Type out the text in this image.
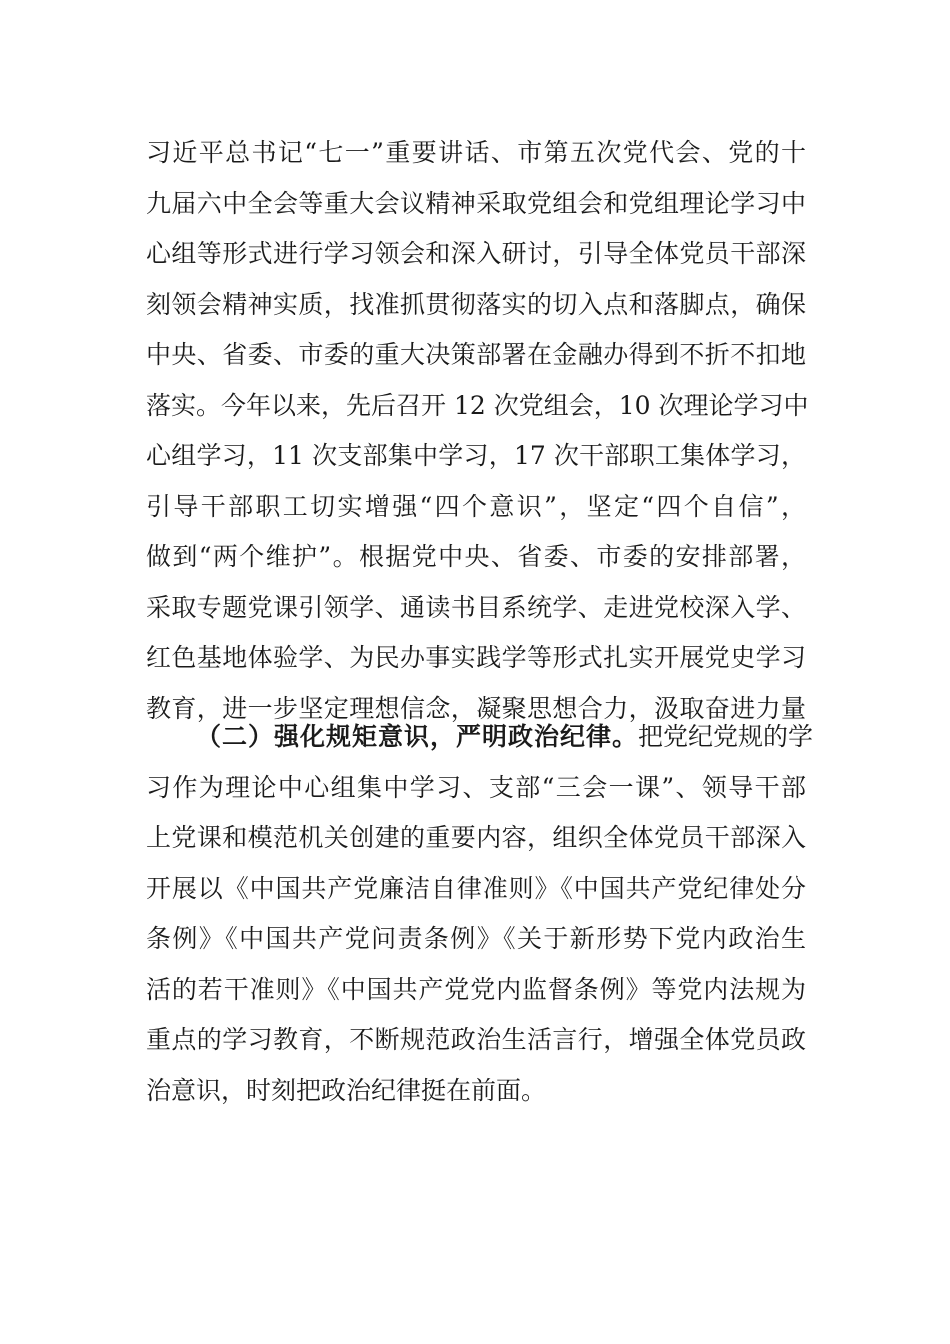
习近平总书记“七一”重要讲话、市第五次党代会、党的十
九届六中全会等重大会议精神采取党组会和党组理论学习中
心组等形式进行学习领会和深入研讨，引导全体党员干部深
刻领会精神实质，找准抓贯彻落实的切入点和落脚点，确保
中央、省委、市委的重大决策部署在金融办得到不折不扣地
落实。今年以来，先后召开 12 次党组会，10 次理论学习中
心组学习，11 次支部集中学习，17 次干部职工集体学习，
引导干部职工切实增强“四个意识”，坚定“四个自信”，
做到“两个维护”。根据党中央、省委、市委的安排部署，
采取专题党课引领学、通读书目系统学、走进党校深入学、
红色基地体验学、为民办事实践学等形式扎实开展党史学习
教育，进一步坚定理想信念，凝聚思想合力，汲取奋进力量
（二）强化规矩意识，严明政治纪律。把党纪党规的学
习作为理论中心组集中学习、支部“三会一课”、领导干部
上党课和模范机关创建的重要内容，组织全体党员干部深入
开展以《中国共产党廉洁自律准则》《中国共产党纪律处分
条例》《中国共产党问责条例》《关于新形势下党内政治生
活的若干准则》《中国共产党党内监督条例》等党内法规为
重点的学习教育，不断规范政治生活言行，增强全体党员政
治意识，时刻把政治纪律挺在前面。
